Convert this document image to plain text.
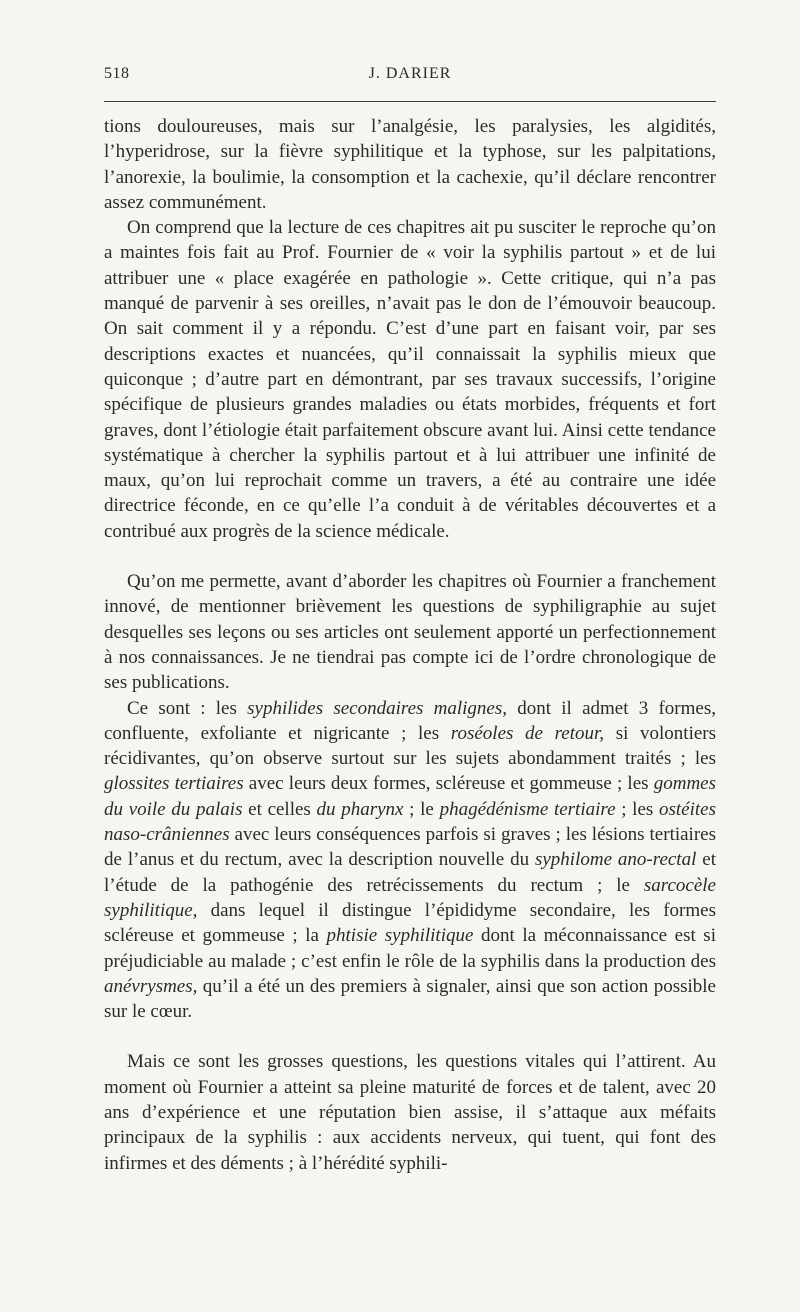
518	J. DARIER

tions douloureuses, mais sur l’analgésie, les paralysies, les algidités, l’hyperidrose, sur la fièvre syphilitique et la typhose, sur les palpitations, l’anorexie, la boulimie, la consomption et la cachexie, qu’il déclare rencontrer assez communément.

On comprend que la lecture de ces chapitres ait pu susciter le reproche qu’on a maintes fois fait au Prof. Fournier de « voir la syphilis partout » et de lui attribuer une « place exagérée en pathologie ». Cette critique, qui n’a pas manqué de parvenir à ses oreilles, n’avait pas le don de l’émouvoir beaucoup. On sait comment il y a répondu. C’est d’une part en faisant voir, par ses descriptions exactes et nuancées, qu’il connaissait la syphilis mieux que quiconque ; d’autre part en démontrant, par ses travaux successifs, l’origine spécifique de plusieurs grandes maladies ou états morbides, fréquents et fort graves, dont l’étiologie était parfaitement obscure avant lui. Ainsi cette tendance systématique à chercher la syphilis partout et à lui attribuer une infinité de maux, qu’on lui reprochait comme un travers, a été au contraire une idée directrice féconde, en ce qu’elle l’a conduit à de véritables découvertes et a contribué aux progrès de la science médicale.

Qu’on me permette, avant d’aborder les chapitres où Fournier a franchement innové, de mentionner brièvement les questions de syphiligraphie au sujet desquelles ses leçons ou ses articles ont seulement apporté un perfectionnement à nos connaissances. Je ne tiendrai pas compte ici de l’ordre chronologique de ses publications.

Ce sont : les syphilides secondaires malignes, dont il admet 3 formes, confluente, exfoliante et nigricante ; les roséoles de retour, si volontiers récidivantes, qu’on observe surtout sur les sujets abondamment traités ; les glossites tertiaires avec leurs deux formes, scléreuse et gommeuse ; les gommes du voile du palais et celles du pharynx ; le phagédénisme tertiaire ; les ostéites naso-crâniennes avec leurs conséquences parfois si graves ; les lésions tertiaires de l’anus et du rectum, avec la description nouvelle du syphilome ano-rectal et l’étude de la pathogénie des retrécissements du rectum ; le sarcocèle syphilitique, dans lequel il distingue l’épididyme secondaire, les formes scléreuse et gommeuse ; la phtisie syphilitique dont la méconnaissance est si préjudiciable au malade ; c’est enfin le rôle de la syphilis dans la production des anévrysmes, qu’il a été un des premiers à signaler, ainsi que son action possible sur le cœur.

Mais ce sont les grosses questions, les questions vitales qui l’attirent. Au moment où Fournier a atteint sa pleine maturité de forces et de talent, avec 20 ans d’expérience et une réputation bien assise, il s’attaque aux méfaits principaux de la syphilis : aux accidents nerveux, qui tuent, qui font des infirmes et des déments ; à l’hérédité syphili-
